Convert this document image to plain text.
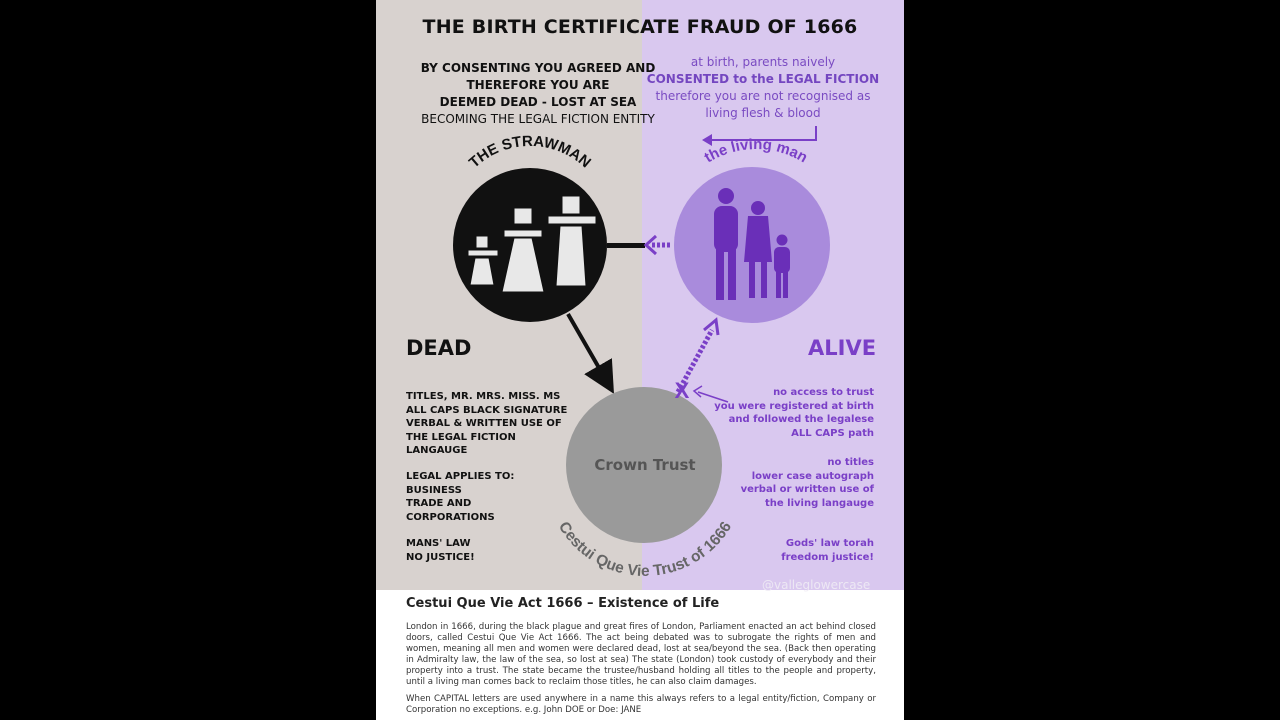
THE STRAWMAN	the living man
Cestui Que Vie Trust of 1666
X
THE BIRTH CERTIFICATE FRAUD OF 1666
BY CONSENTING YOU AGREED AND
THEREFORE YOU ARE
DEEMED DEAD - LOST AT SEA
BECOMING THE LEGAL FICTION ENTITY
at birth, parents naively
CONSENTED to the LEGAL FICTION
therefore you are not recognised as
living flesh & blood
DEAD	ALIVE
TITLES, MR. MRS. MISS. MS
ALL CAPS BLACK SIGNATURE
VERBAL & WRITTEN USE OF
THE LEGAL FICTION
LANGAUGE
LEGAL APPLIES TO:
BUSINESS
TRADE AND
CORPORATIONS
MANS' LAW
NO JUSTICE!
no access to trust
you were registered at birth
and followed the legalese
ALL CAPS path
no titles
lower case autograph
verbal or written use of
the living langauge
Gods' law torah
freedom justice!
Crown Trust
@valleglowercase
Cestui Que Vie Act 1666 – Existence of Life

London in 1666, during the black plague and great fires of London, Parliament enacted an act behind closed doors, called Cestui Que Vie Act 1666. The act being debated was to subrogate the rights of men and women, meaning all men and women were declared dead, lost at sea/beyond the sea. (Back then operating in Admiralty law, the law of the sea, so lost at sea) The state (London) took custody of everybody and their property into a trust. The state became the trustee/husband holding all titles to the people and property, until a living man comes back to reclaim those titles, he can also claim damages.

When CAPITAL letters are used anywhere in a name this always refers to a legal entity/fiction, Company or Corporation no exceptions. e.g. John DOE or Doe: JANE
